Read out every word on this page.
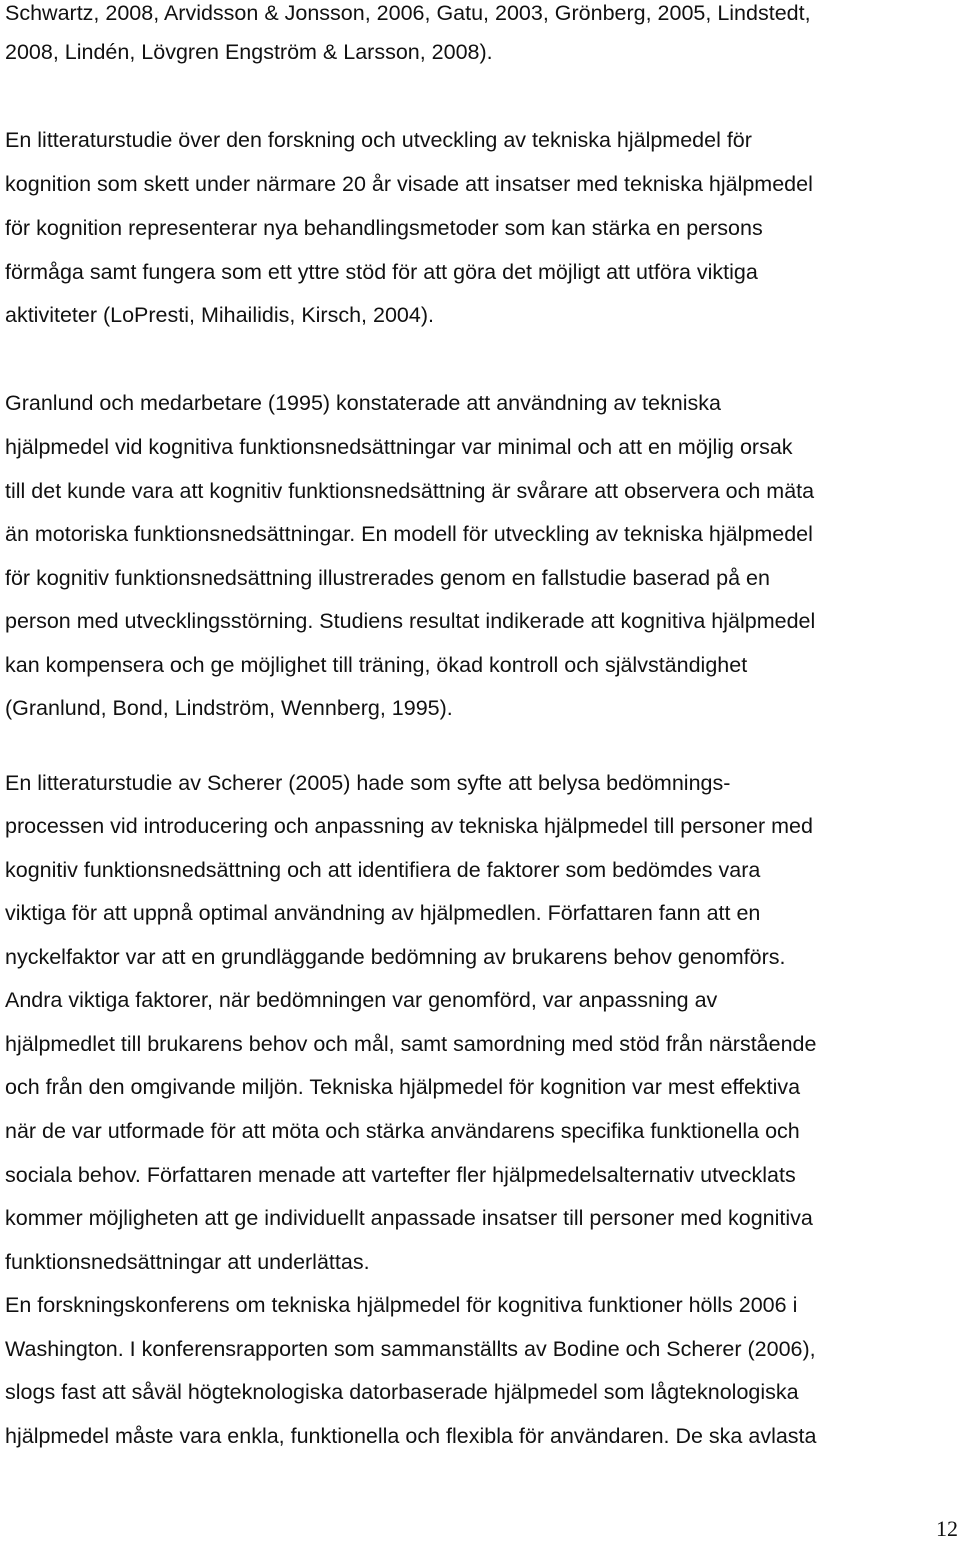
Schwartz, 2008, Arvidsson & Jonsson, 2006, Gatu, 2003, Grönberg, 2005, Lindstedt,
2008, Lindén, Lövgren Engström & Larsson, 2008).
En litteraturstudie över den forskning och utveckling av tekniska hjälpmedel för
kognition som skett under närmare 20 år visade att insatser med tekniska hjälpmedel
för kognition representerar nya behandlingsmetoder som kan stärka en persons
förmåga samt fungera som ett yttre stöd för att göra det möjligt att utföra viktiga
aktiviteter (LoPresti, Mihailidis, Kirsch, 2004).
Granlund och medarbetare (1995) konstaterade att användning av tekniska
hjälpmedel vid kognitiva funktionsnedsättningar var minimal och att en möjlig orsak
till det kunde vara att kognitiv funktionsnedsättning är svårare att observera och mäta
än motoriska funktionsnedsättningar. En modell för utveckling av tekniska hjälpmedel
för kognitiv funktionsnedsättning illustrerades genom en fallstudie baserad på en
person med utvecklingsstörning. Studiens resultat indikerade att kognitiva hjälpmedel
kan kompensera och ge möjlighet till träning, ökad kontroll och självständighet
(Granlund, Bond, Lindström, Wennberg, 1995).
En litteraturstudie av Scherer (2005) hade som syfte att belysa bedömnings-
processen vid introducering och anpassning av tekniska hjälpmedel till personer med
kognitiv funktionsnedsättning och att identifiera de faktorer som bedömdes vara
viktiga för att uppnå optimal användning av hjälpmedlen. Författaren fann att en
nyckelfaktor var att en grundläggande bedömning av brukarens behov genomförs.
Andra viktiga faktorer, när bedömningen var genomförd, var anpassning av
hjälpmedlet till brukarens behov och mål, samt samordning med stöd från närstående
och från den omgivande miljön. Tekniska hjälpmedel för kognition var mest effektiva
när de var utformade för att möta och stärka användarens specifika funktionella och
sociala behov. Författaren menade att vartefter fler hjälpmedelsalternativ utvecklats
kommer möjligheten att ge individuellt anpassade insatser till personer med kognitiva
funktionsnedsättningar att underlättas.
En forskningskonferens om tekniska hjälpmedel för kognitiva funktioner hölls 2006 i
Washington. I konferensrapporten som sammanställts av Bodine och Scherer (2006),
slogs fast att såväl högteknologiska datorbaserade hjälpmedel som lågteknologiska
hjälpmedel måste vara enkla, funktionella och flexibla för användaren. De ska avlasta
12
